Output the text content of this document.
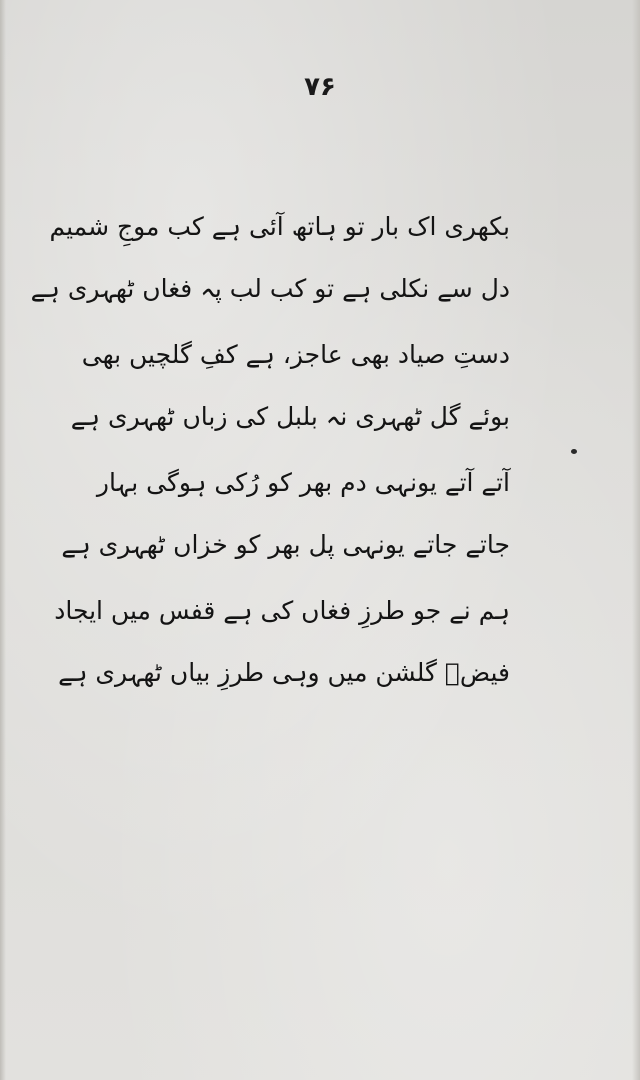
۷۶
بکھری اک بار تو ہاتھ آئی ہے کب موجِ شمیم
دل سے نکلی ہے تو کب لب پہ فغاں ٹھہری ہے
دستِ صیاد بھی عاجز، ہے کفِ گلچیں بھی
بوئے گل ٹھہری نہ بلبل کی زباں ٹھہری ہے
آتے آتے یونہی دم بھر کو رُکی ہوگی بہار
جاتے جاتے یونہی پل بھر کو خزاں ٹھہری ہے
ہم نے جو طرزِ فغاں کی ہے قفس میں ایجاد
فیضؔ گلشن میں وہی طرزِ بیاں ٹھہری ہے
